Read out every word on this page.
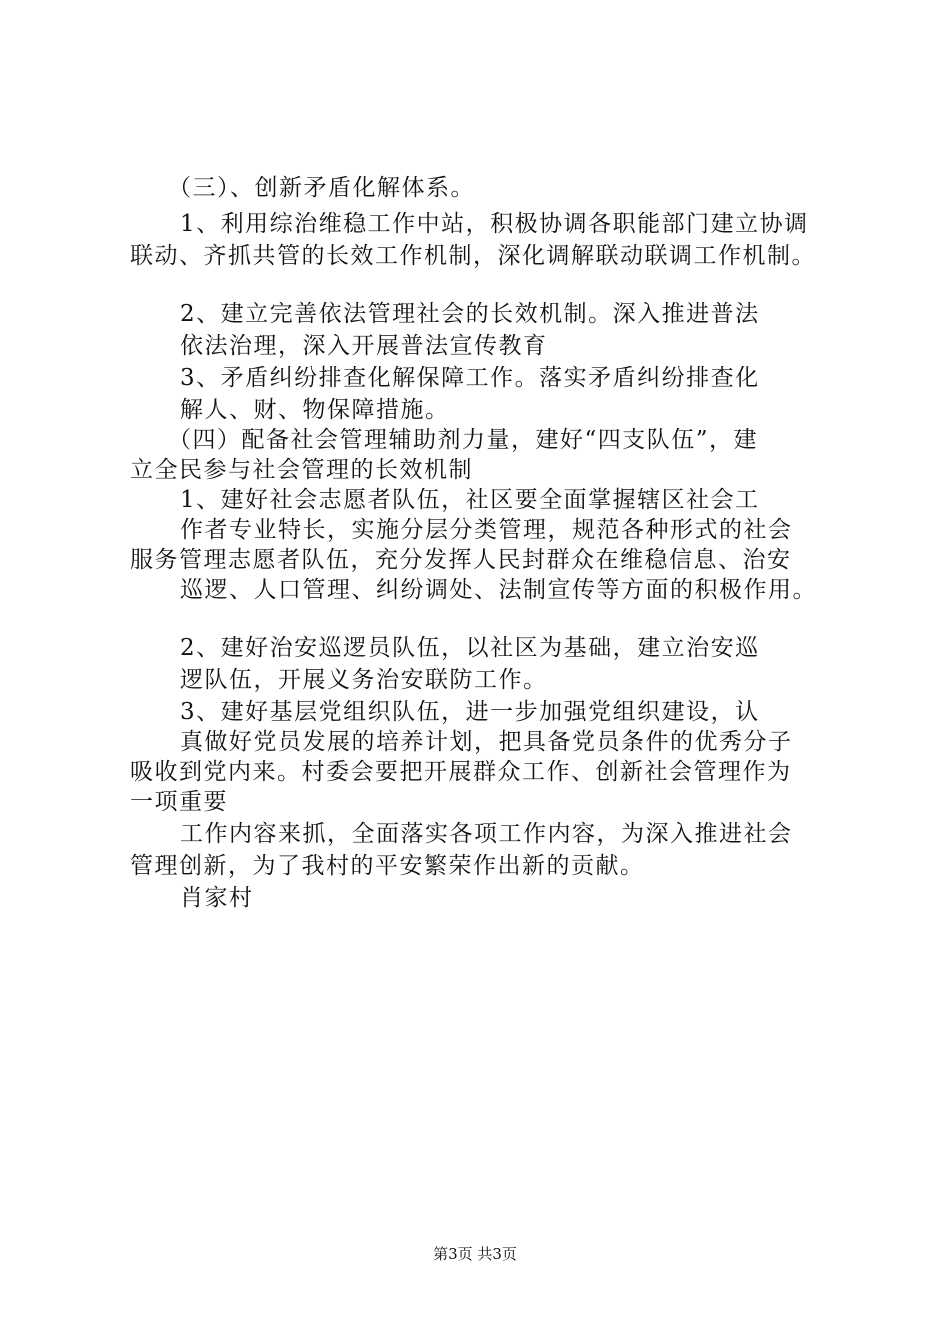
（三）、创新矛盾化解体系。
1、利用综治维稳工作中站，积极协调各职能部门建立协调
联动、齐抓共管的长效工作机制，深化调解联动联调工作机制。
2、建立完善依法管理社会的长效机制。深入推进普法
依法治理，深入开展普法宣传教育
3、矛盾纠纷排查化解保障工作。落实矛盾纠纷排查化
解人、财、物保障措施。
（四）配备社会管理辅助剂力量，建好“四支队伍”，建
立全民参与社会管理的长效机制
1、建好社会志愿者队伍，社区要全面掌握辖区社会工
作者专业特长，实施分层分类管理，规范各种形式的社会
服务管理志愿者队伍，充分发挥人民封群众在维稳信息、治安
巡逻、人口管理、纠纷调处、法制宣传等方面的积极作用。
2、建好治安巡逻员队伍，以社区为基础，建立治安巡
逻队伍，开展义务治安联防工作。
3、建好基层党组织队伍，进一步加强党组织建设，认
真做好党员发展的培养计划，把具备党员条件的优秀分子
吸收到党内来。村委会要把开展群众工作、创新社会管理作为
一项重要
工作内容来抓，全面落实各项工作内容，为深入推进社会
管理创新，为了我村的平安繁荣作出新的贡献。
肖家村
第3页 共3页
